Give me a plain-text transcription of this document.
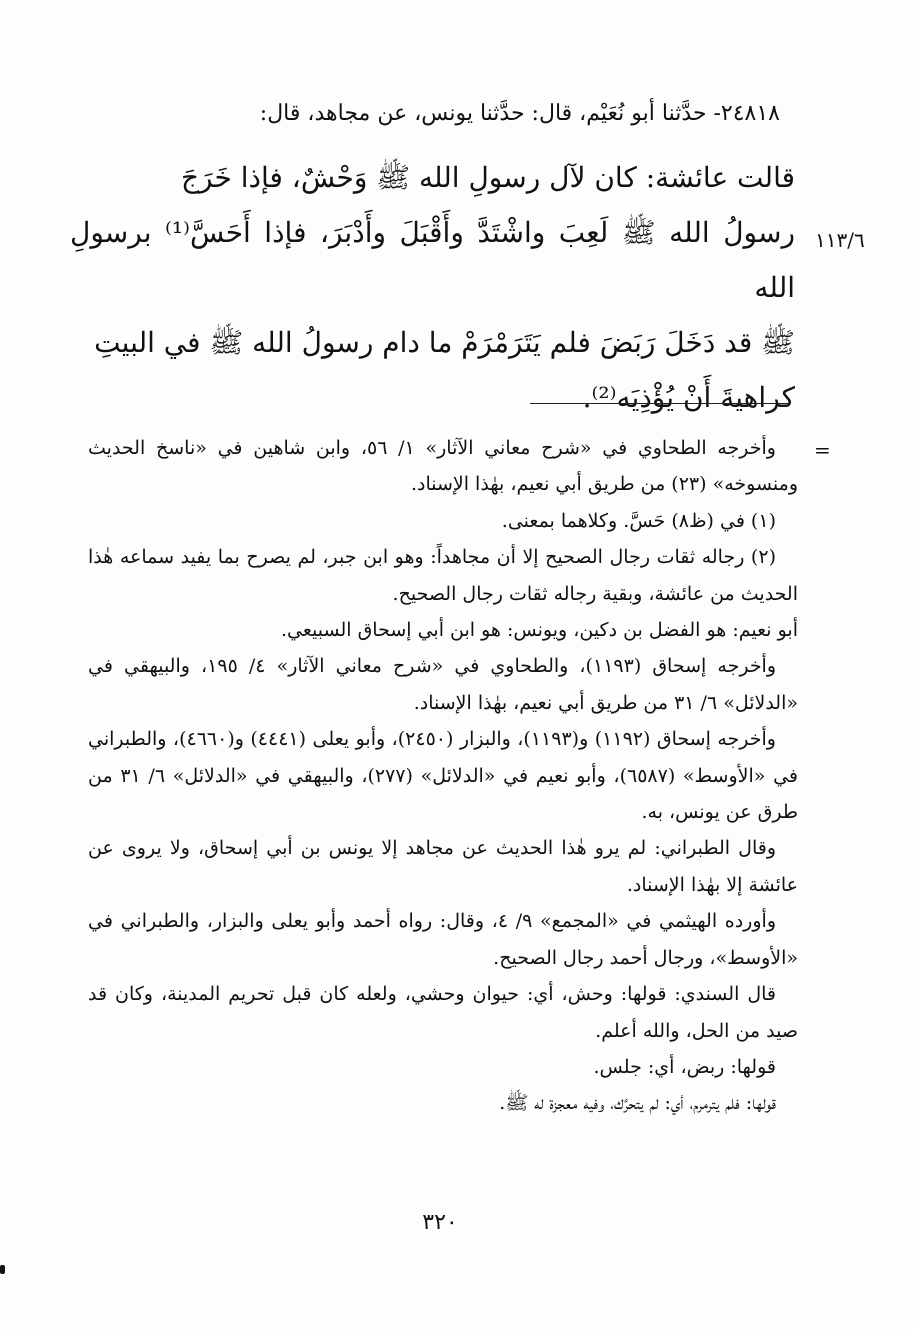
٢٤٨١٨- حدَّثنا أبو نُعَيْم، قال: حدَّثنا يونس، عن مجاهد، قال:

قالت عائشة: كان لآل رسولِ الله ﷺ وَحْشٌ، فإذا خَرَجَ

رسولُ الله ﷺ لَعِبَ واشْتَدَّ وأَقْبَلَ وأَدْبَرَ، فإذا أَحَسَّ⁽¹⁾ برسولِ الله

ﷺ قد دَخَلَ رَبَضَ فلم يَتَرَمْرَمْ ما دام رسولُ الله ﷺ في البيتِ

كراهيةَ أَنْ يُؤْذِيَه⁽²⁾.

١١٣/٦
=

وأخرجه الطحاوي في «شرح معاني الآثار» ١/ ٥٦، وابن شاهين في «ناسخ الحديث ومنسوخه» (٢٣) من طريق أبي نعيم، بهٰذا الإسناد.

(١) في (ظ٨) حَسَّ. وكلاهما بمعنى.

(٢) رجاله ثقات رجال الصحيح إلا أن مجاهداً: وهو ابن جبر، لم يصرح بما يفيد سماعه هٰذا الحديث من عائشة، وبقية رجاله ثقات رجال الصحيح.

أبو نعيم: هو الفضل بن دكين، ويونس: هو ابن أبي إسحاق السبيعي.

وأخرجه إسحاق (١١٩٣)، والطحاوي في «شرح معاني الآثار» ٤/ ١٩٥، والبيهقي في «الدلائل» ٦/ ٣١ من طريق أبي نعيم، بهٰذا الإسناد.

وأخرجه إسحاق (١١٩٢) و(١١٩٣)، والبزار (٢٤٥٠)، وأبو يعلى (٤٤٤١) و(٤٦٦٠)، والطبراني في «الأوسط» (٦٥٨٧)، وأبو نعيم في «الدلائل» (٢٧٧)، والبيهقي في «الدلائل» ٦/ ٣١ من طرق عن يونس، به.

وقال الطبراني: لم يرو هٰذا الحديث عن مجاهد إلا يونس بن أبي إسحاق، ولا يروى عن عائشة إلا بهٰذا الإسناد.

وأورده الهيثمي في «المجمع» ٩/ ٤، وقال: رواه أحمد وأبو يعلى والبزار، والطبراني في «الأوسط»، ورجال أحمد رجال الصحيح.

قال السندي: قولها: وحش، أي: حيوان وحشي، ولعله كان قبل تحريم المدينة، وكان قد صيد من الحل، والله أعلم.

قولها: ربض، أي: جلس.

قولها: فلم يترمرم، أي: لم يتحرَّك، وفيه معجزة له ﷺ.

٣٢٠
